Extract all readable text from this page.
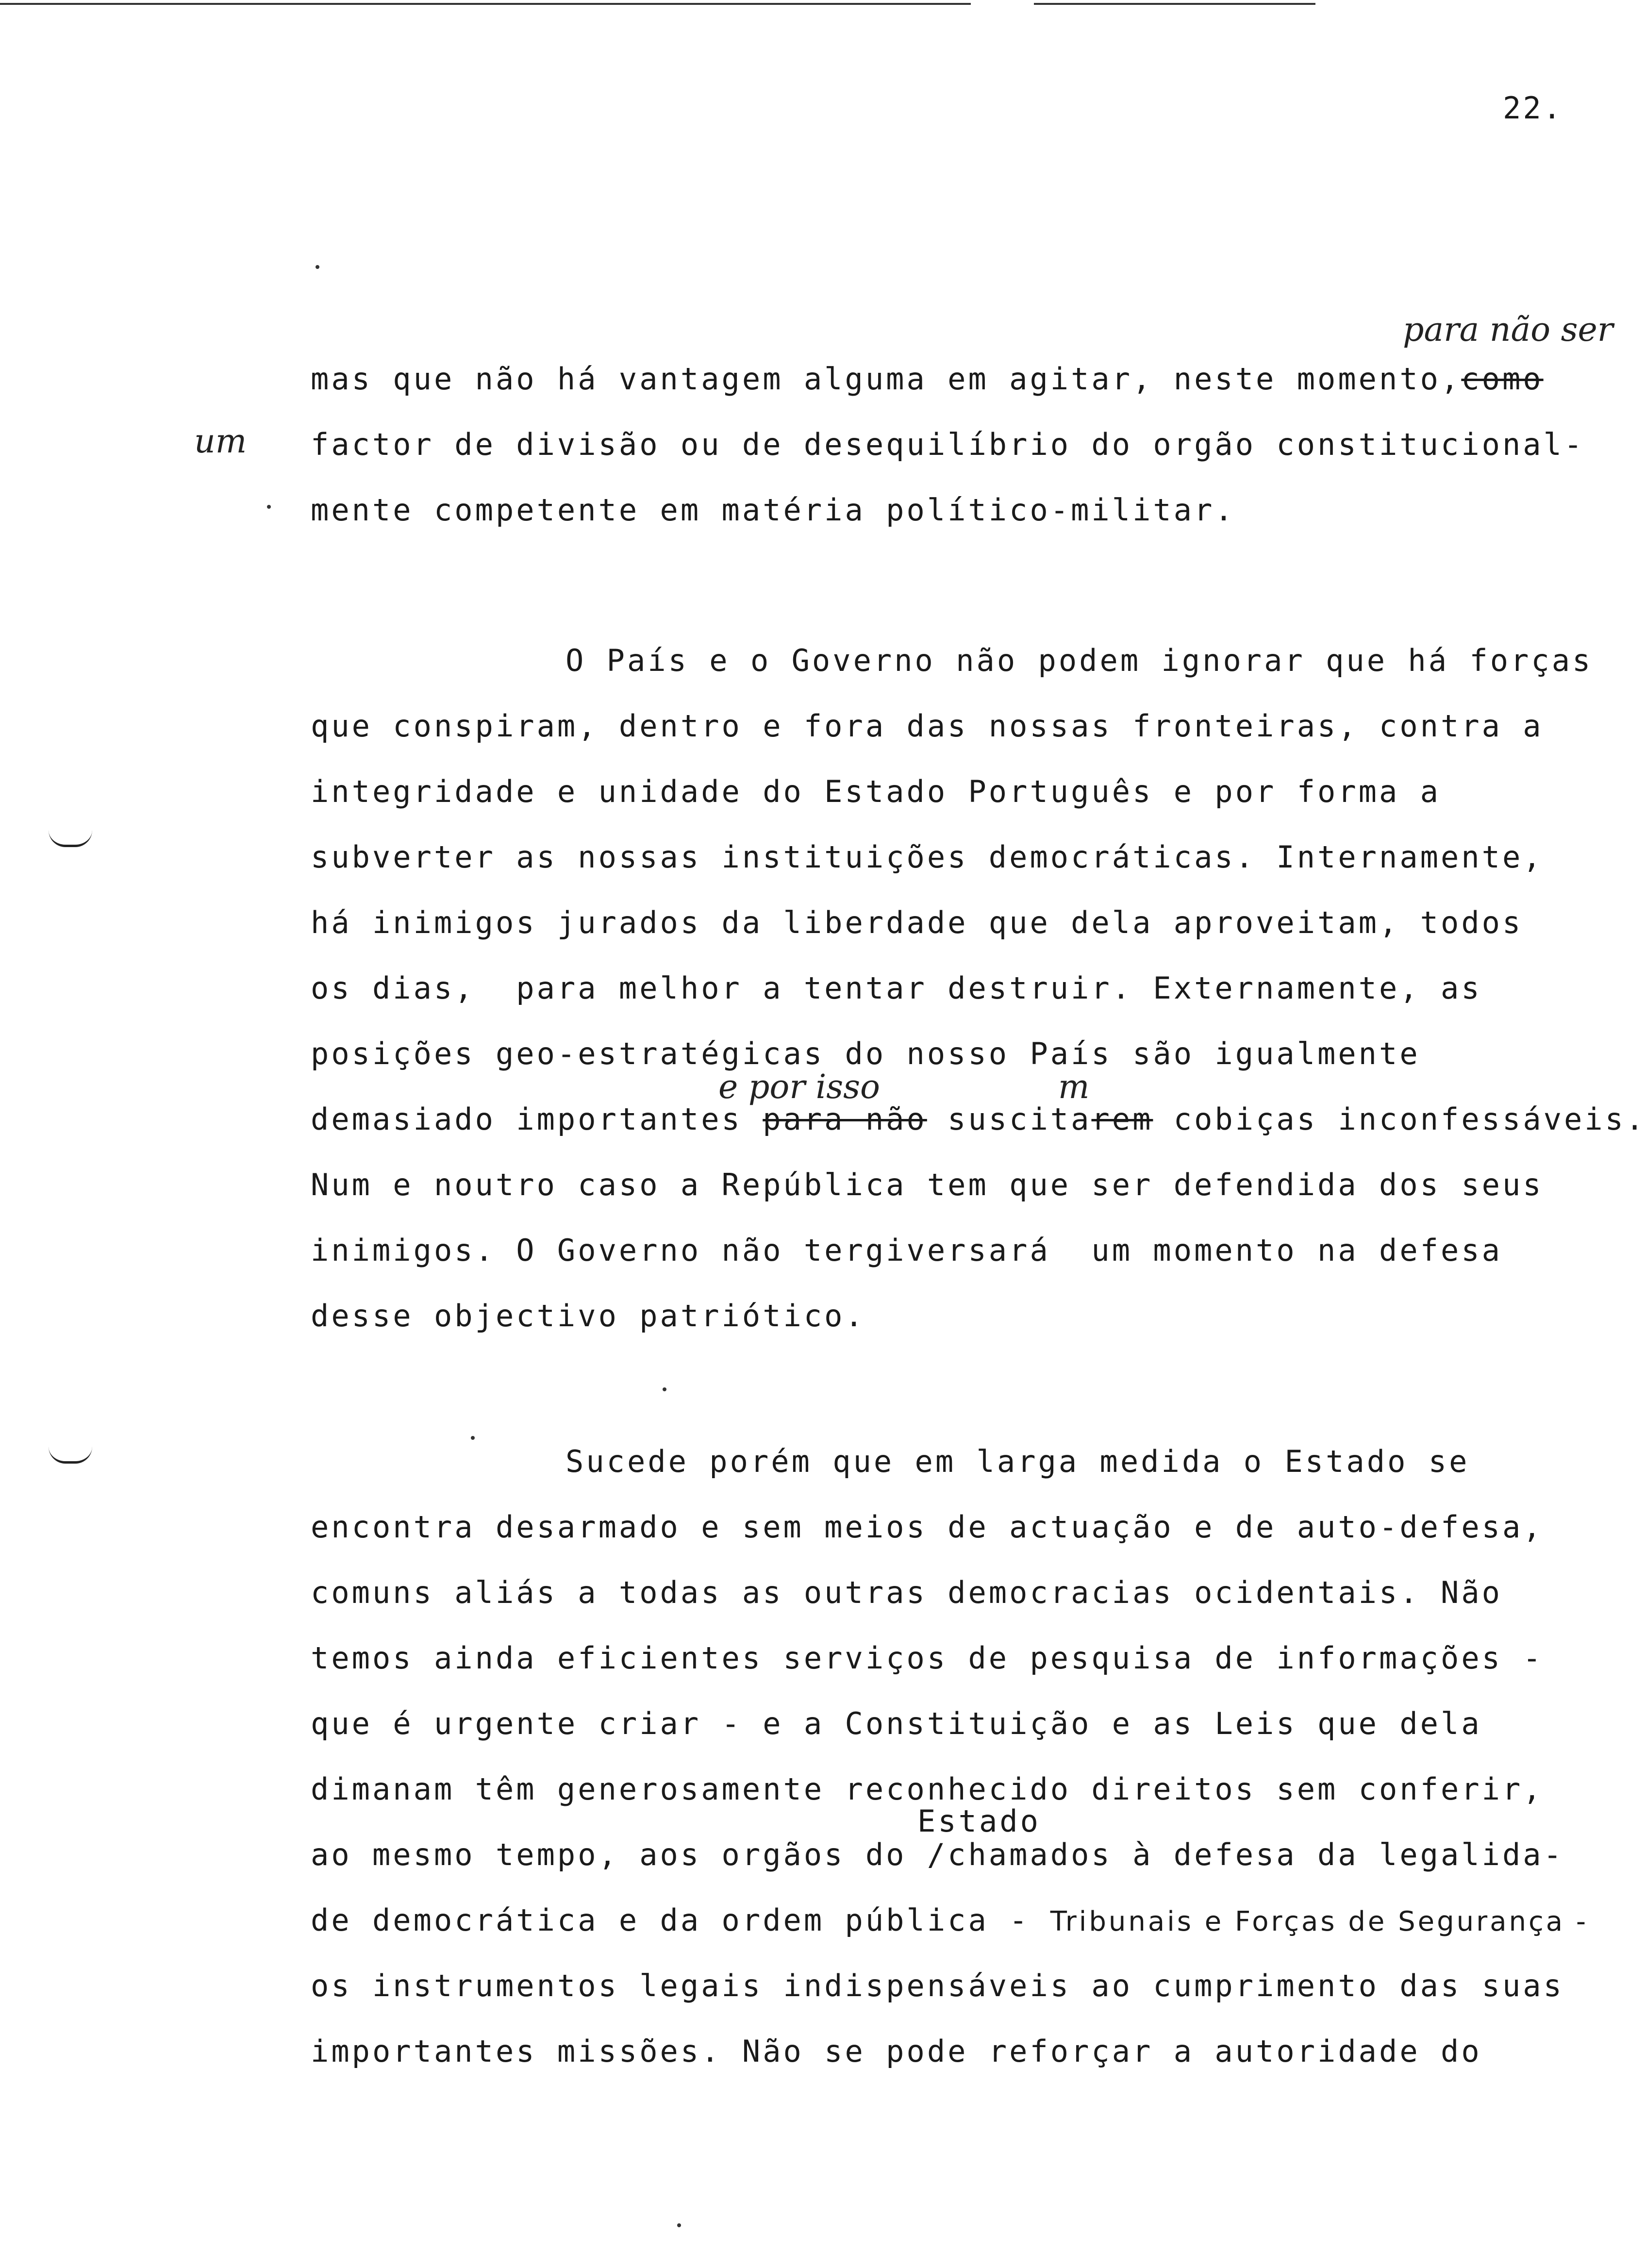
22.
para não ser
um
e por isso	m
Estado
mas que não há vantagem alguma em agitar, neste momento,como
factor de divisão ou de desequilíbrio do orgão constitucional-
mente competente em matéria político-militar.
O País e o Governo não podem ignorar que há forças
que conspiram, dentro e fora das nossas fronteiras, contra a
integridade e unidade do Estado Português e por forma a
subverter as nossas instituições democráticas. Internamente,
há inimigos jurados da liberdade que dela aproveitam, todos
os dias,  para melhor a tentar destruir. Externamente, as
posições geo-estratégicas do nosso País são igualmente
demasiado importantes para não suscitarem cobiças inconfessáveis.
Num e noutro caso a República tem que ser defendida dos seus
inimigos. O Governo não tergiversará  um momento na defesa
desse objectivo patriótico.
Sucede porém que em larga medida o Estado se
encontra desarmado e sem meios de actuação e de auto-defesa,
comuns aliás a todas as outras democracias ocidentais. Não
temos ainda eficientes serviços de pesquisa de informações -
que é urgente criar - e a Constituição e as Leis que dela
dimanam têm generosamente reconhecido direitos sem conferir,
ao mesmo tempo, aos orgãos do /chamados à defesa da legalida-
de democrática e da ordem pública - Tribunais e Forças de Segurança -
os instrumentos legais indispensáveis ao cumprimento das suas
importantes missões. Não se pode reforçar a autoridade do
